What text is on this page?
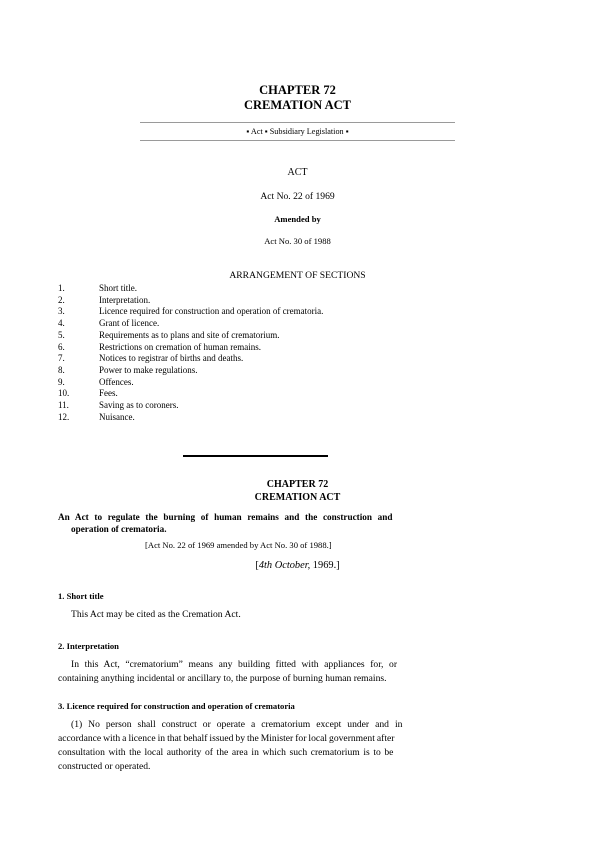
CHAPTER 72
CREMATION ACT
▪ Act ▪ Subsidiary Legislation ▪
ACT
Act No. 22 of 1969
Amended by
Act No. 30 of 1988
ARRANGEMENT OF SECTIONS
1.	Short title.
2.	Interpretation.
3.	Licence required for construction and operation of crematoria.
4.	Grant of licence.
5.	Requirements as to plans and site of crematorium.
6.	Restrictions on cremation of human remains.
7.	Notices to registrar of births and deaths.
8.	Power to make regulations.
9.	Offences.
10.	Fees.
11.	Saving as to coroners.
12.	Nuisance.
CHAPTER 72
CREMATION ACT
An Act to regulate the burning of human remains and the construction and
operation of crematoria.
[Act No. 22 of 1969 amended by Act No. 30 of 1988.]
[4th October, 1969.]
1. Short title
This Act may be cited as the Cremation Act.
2. Interpretation
In this Act, “crematorium” means any building fitted with appliances for, or
containing anything incidental or ancillary to, the purpose of burning human remains.
3. Licence required for construction and operation of crematoria
(1) No person shall construct or operate a crematorium except under and in
accordance with a licence in that behalf issued by the Minister for local government after
consultation with the local authority of the area in which such crematorium is to be
constructed or operated.
